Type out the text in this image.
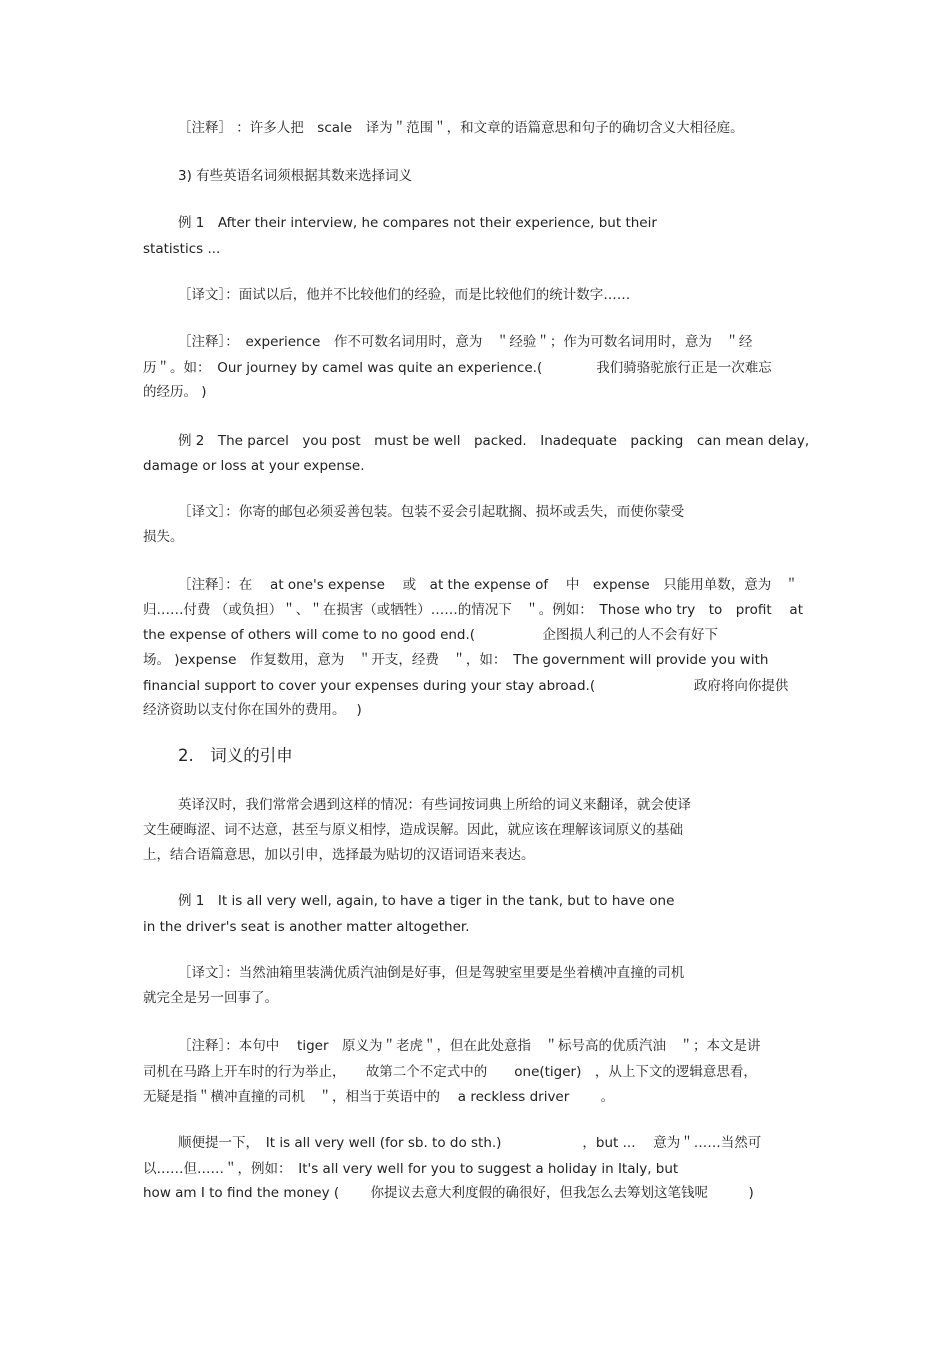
［注释］ ：许多人把　scale　译为＂范围＂，和文章的语篇意思和句子的确切含义大相径庭。
3) 有些英语名词须根据其数来选择词义
例 1　After their interview, he compares not their experience, but their
statistics ...
［译文］：面试以后，他并不比较他们的经验，而是比较他们的统计数字……
［注释］：　experience　作不可数名词用时，意为　＂经验＂；作为可数名词用时，意为　＂经
历＂。如：　Our journey by camel was quite an experience.(　　　　我们骑骆驼旅行正是一次难忘
的经历。 )
例 2　The parcel　you post　must be well　packed.　Inadequate　packing　can mean delay,
damage or loss at your expense.
［译文］：你寄的邮包必须妥善包装。包装不妥会引起耽搁、损坏或丢失，而使你蒙受
损失。
［注释］：在　 at one's expense　 或　at the expense of　 中　expense　只能用单数，意为　＂
归……付费 （或负担）＂、＂在损害（或牺牲）……的情况下　＂。例如：　Those who try　to　profit　 at
the expense of others will come to no good end.(　　　　　企图损人利己的人不会有好下
场。 )expense　作复数用，意为　＂开支，经费　＂，如：　The government will provide you with
financial support to cover your expenses during your stay abroad.(　　　　　　　 政府将向你提供
经济资助以支付你在国外的费用。　 )
2.　词义的引申
英译汉时，我们常常会遇到这样的情况：有些词按词典上所给的词义来翻译，就会使译
文生硬晦涩、词不达意，甚至与原义相悖，造成误解。因此，就应该在理解该词原义的基础
上，结合语篇意思，加以引申，选择最为贴切的汉语词语来表达。
例 1　It is all very well, again, to have a tiger in the tank, but to have one
in the driver's seat is another matter altogether.
［译文］：当然油箱里装满优质汽油倒是好事，但是驾驶室里要是坐着横冲直撞的司机
就完全是另一回事了。
［注释］：本句中　 tiger　原义为＂老虎＂，但在此处意指　＂标号高的优质汽油　＂；本文是讲
司机在马路上开车时的行为举止，　　故第二个不定式中的　　one(tiger)　，从上下文的逻辑意思看，
无疑是指＂横冲直撞的司机　＂，相当于英语中的　 a reckless driver　　 。
顺便提一下，　It is all very well (for sb. to do sth.)　　　　　　，but ...　 意为＂……当然可
以……但……＂，例如：　It's all very well for you to suggest a holiday in Italy, but
how am I to find the money (　　 你提议去意大利度假的确很好，但我怎么去筹划这笔钱呢　　　)
